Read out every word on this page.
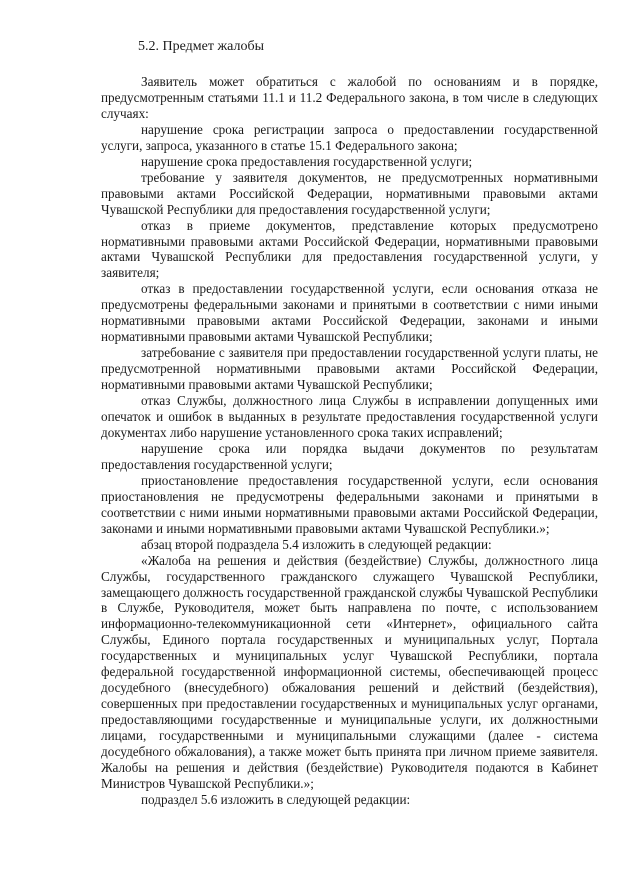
5.2. Предмет жалобы

Заявитель может обратиться с жалобой по основаниям и в порядке, предусмотренным статьями 11.1 и 11.2 Федерального закона, в том числе в следующих случаях:

нарушение срока регистрации запроса о предоставлении государственной услуги, запроса, указанного в статье 15.1 Федерального закона;

нарушение срока предоставления государственной услуги;

требование у заявителя документов, не предусмотренных нормативными правовыми актами Российской Федерации, нормативными правовыми актами Чувашской Республики для предоставления государственной услуги;

отказ в приеме документов, представление которых предусмотрено нормативными правовыми актами Российской Федерации, нормативными правовыми актами Чувашской Республики для предоставления государственной услуги, у заявителя;

отказ в предоставлении государственной услуги, если основания отказа не предусмотрены федеральными законами и принятыми в соответствии с ними иными нормативными правовыми актами Российской Федерации, законами и иными нормативными правовыми актами Чувашской Республики;

затребование с заявителя при предоставлении государственной услуги платы, не предусмотренной нормативными правовыми актами Российской Федерации, нормативными правовыми актами Чувашской Республики;

отказ Службы, должностного лица Службы в исправлении допущенных ими опечаток и ошибок в выданных в результате предоставления государственной услуги документах либо нарушение установленного срока таких исправлений;

нарушение срока или порядка выдачи документов по результатам предоставления государственной услуги;

приостановление предоставления государственной услуги, если основания приостановления не предусмотрены федеральными законами и принятыми в соответствии с ними иными нормативными правовыми актами Российской Федерации, законами и иными нормативными правовыми актами Чувашской Республики.»;

абзац второй подраздела 5.4 изложить в следующей редакции:

«Жалоба на решения и действия (бездействие) Службы, должностного лица Службы, государственного гражданского служащего Чувашской Республики, замещающего должность государственной гражданской службы Чувашской Республики в Службе, Руководителя, может быть направлена по почте, с использованием информационно-телекоммуникационной сети «Интернет», официального сайта Службы, Единого портала государственных и муниципальных услуг, Портала государственных и муниципальных услуг Чувашской Республики, портала федеральной государственной информационной системы, обеспечивающей процесс досудебного (внесудебного) обжалования решений и действий (бездействия), совершенных при предоставлении государственных и муниципальных услуг органами, предоставляющими государственные и муниципальные услуги, их должностными лицами, государственными и муниципальными служащими (далее - система досудебного обжалования), а также может быть принята при личном приеме заявителя. Жалобы на решения и действия (бездействие) Руководителя подаются в Кабинет Министров Чувашской Республики.»;

подраздел 5.6 изложить в следующей редакции:
